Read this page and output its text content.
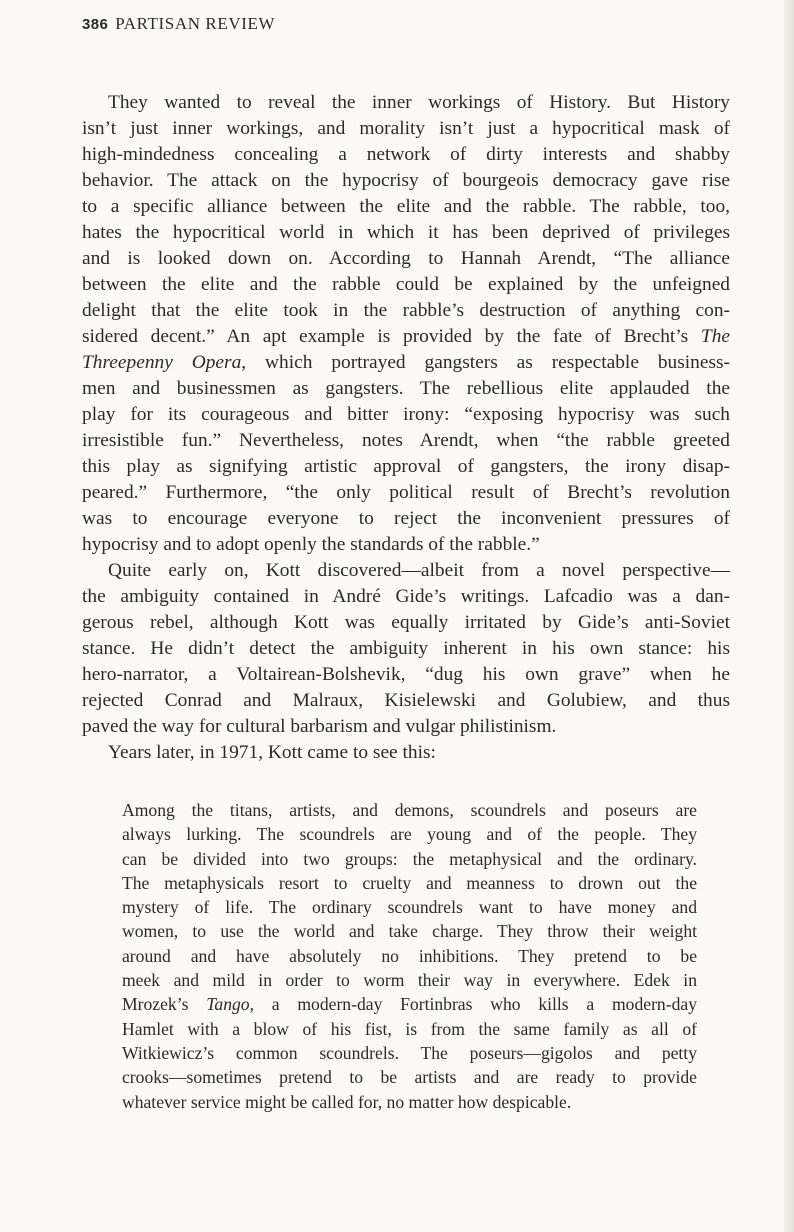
386 PARTISAN REVIEW
They wanted to reveal the inner workings of History. But History
isn’t just inner workings, and morality isn’t just a hypocritical mask of
high-mindedness concealing a network of dirty interests and shabby
behavior. The attack on the hypocrisy of bourgeois democracy gave rise
to a specific alliance between the elite and the rabble. The rabble, too,
hates the hypocritical world in which it has been deprived of privileges
and is looked down on. According to Hannah Arendt, “The alliance
between the elite and the rabble could be explained by the unfeigned
delight that the elite took in the rabble’s destruction of anything con-
sidered decent.” An apt example is provided by the fate of Brecht’s The
Threepenny Opera, which portrayed gangsters as respectable business-
men and businessmen as gangsters. The rebellious elite applauded the
play for its courageous and bitter irony: “exposing hypocrisy was such
irresistible fun.” Nevertheless, notes Arendt, when “the rabble greeted
this play as signifying artistic approval of gangsters, the irony disap-
peared.” Furthermore, “the only political result of Brecht’s revolution
was to encourage everyone to reject the inconvenient pressures of
hypocrisy and to adopt openly the standards of the rabble.”
Quite early on, Kott discovered—albeit from a novel perspective—
the ambiguity contained in André Gide’s writings. Lafcadio was a dan-
gerous rebel, although Kott was equally irritated by Gide’s anti-Soviet
stance. He didn’t detect the ambiguity inherent in his own stance: his
hero-narrator, a Voltairean-Bolshevik, “dug his own grave” when he
rejected Conrad and Malraux, Kisielewski and Golubiew, and thus
paved the way for cultural barbarism and vulgar philistinism.
Years later, in 1971, Kott came to see this:
Among the titans, artists, and demons, scoundrels and poseurs are
always lurking. The scoundrels are young and of the people. They
can be divided into two groups: the metaphysical and the ordinary.
The metaphysicals resort to cruelty and meanness to drown out the
mystery of life. The ordinary scoundrels want to have money and
women, to use the world and take charge. They throw their weight
around and have absolutely no inhibitions. They pretend to be
meek and mild in order to worm their way in everywhere. Edek in
Mrozek’s Tango, a modern-day Fortinbras who kills a modern-day
Hamlet with a blow of his fist, is from the same family as all of
Witkiewicz’s common scoundrels. The poseurs—gigolos and petty
crooks—sometimes pretend to be artists and are ready to provide
whatever service might be called for, no matter how despicable.
